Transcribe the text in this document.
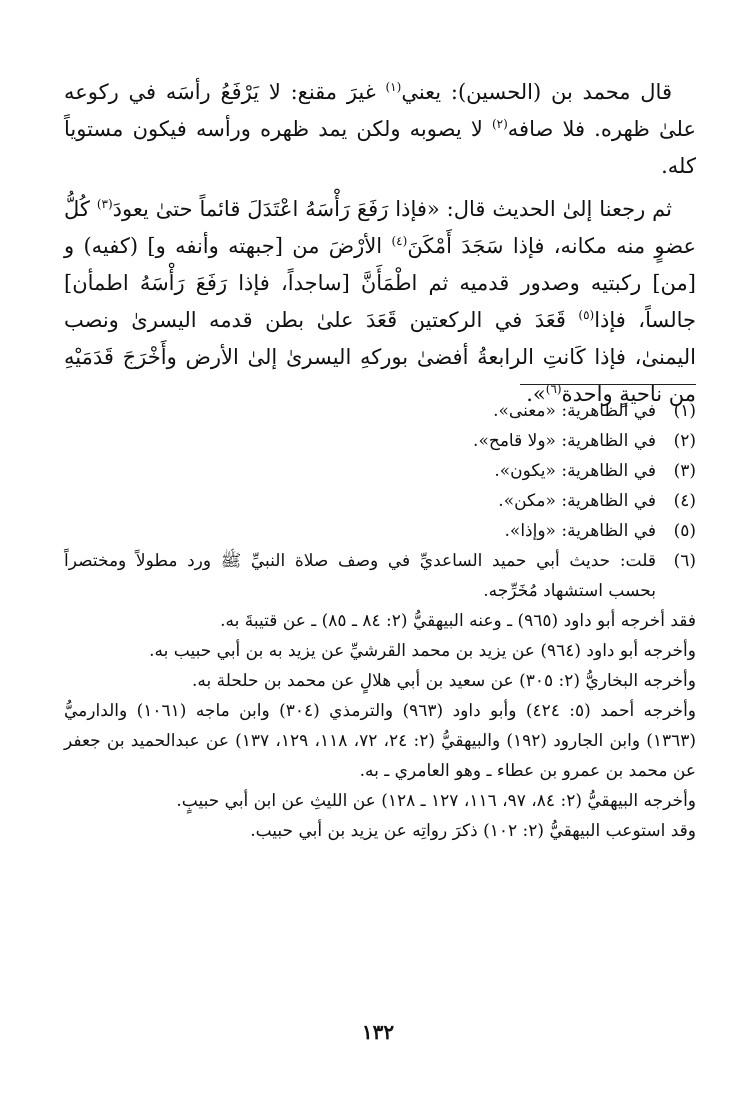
قال محمد بن (الحسين): يعني$^{(١)}$ غيرَ مقنع: لا يَرْفَعُ رأسَه في ركوعه علىٰ ظهره. فلا صافه$^{(٢)}$ لا يصوبه ولكن يمد ظهره ورأسه فيكون مستوياً كله.

ثم رجعنا إلىٰ الحديث قال: «فإذا رَفَعَ رَأْسَهُ اعْتَدَلَ قائماً حتىٰ يعودَ$^{(٣)}$ كُلُّ عضوٍ منه مكانه، فإذا سَجَدَ أَمْكَنَ$^{(٤)}$ الأرْضَ من [جبهته وأنفه و] (كفيه) و [من] ركبتيه وصدور قدميه ثم اطْمَأَنَّ [ساجداً، فإذا رَفَعَ رَأْسَهُ اطمأن] جالساً، فإذا$^{(٥)}$ قَعَدَ في الركعتين قَعَدَ علىٰ بطن قدمه اليسرىٰ ونصب اليمنىٰ، فإذا كَانتِ الرابعةُ أفضىٰ بوركهِ اليسرىٰ إلىٰ الأرض وأَخْرَجَ قَدَمَيْهِ من ناحيةٍ واحدة$^{(٦)}$».

(١)
في الظاهرية: «معنى».
(٢)
في الظاهرية: «ولا قامح».
(٣)
في الظاهرية: «يكون».
(٤)
في الظاهرية: «مكن».
(٥)
في الظاهرية: «وإذا».
(٦)
قلت: حديث أبي حميد الساعديِّ في وصف صلاة النبيِّ ﷺ ورد مطولاً ومختصراً بحسب استشهاد مُخَرِّجه.

فقد أخرجه أبو داود (٩٦٥) ـ وعنه البيهقيُّ (٢: ٨٤ ـ ٨٥) ـ عن قتيبةَ به.

وأخرجه أبو داود (٩٦٤) عن يزيد بن محمد القرشيِّ عن يزيد به بن أبي حبيب به.

وأخرجه البخاريُّ (٢: ٣٠٥) عن سعيد بن أبي هلالٍ عن محمد بن حلحلة به.

وأخرجه أحمد (٥: ٤٢٤) وأبو داود (٩٦٣) والترمذي (٣٠٤) وابن ماجه (١٠٦١) والدارميُّ (١٣٦٣) وابن الجارود (١٩٢) والبيهقيُّ (٢: ٢٤، ٧٢، ١١٨، ١٢٩، ١٣٧) عن عبدالحميد بن جعفر عن محمد بن عمرو بن عطاء ـ وهو العامري ـ به.

وأخرجه البيهقيُّ (٢: ٨٤، ٩٧، ١١٦، ١٢٧ ـ ١٢٨) عن الليثِ عن ابن أبي حبيبٍ.

وقد استوعب البيهقيُّ (٢: ١٠٢) ذكرَ رواتِه عن يزيد بن أبي حبيب.

١٣٢
